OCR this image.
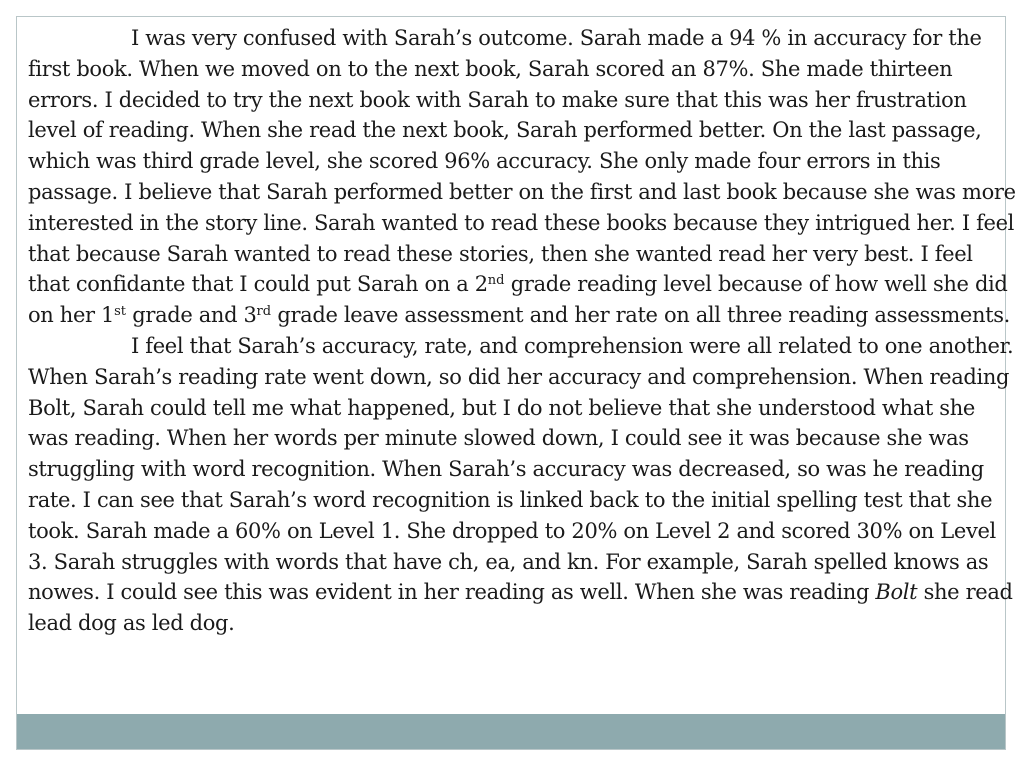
I was very confused with Sarah’s outcome. Sarah made a 94 % in accuracy for the first book. When we moved on to the next book, Sarah scored an 87%. She made thirteen errors. I decided to try the next book with Sarah to make sure that this was her frustration level of reading. When she read the next book, Sarah performed better. On the last passage, which was third grade level, she scored 96% accuracy. She only made four errors in this passage. I believe that Sarah performed better on the first and last book because she was more interested in the story line. Sarah wanted to read these books because they intrigued her. I feel that because Sarah wanted to read these stories, then she wanted read her very best. I feel that confidante that I could put Sarah on a 2nd grade reading level because of how well she did on her 1st grade and 3rd grade leave assessment and her rate on all three reading assessments.

I feel that Sarah’s accuracy, rate, and comprehension were all related to one another. When Sarah’s reading rate went down, so did her accuracy and comprehension. When reading Bolt, Sarah could tell me what happened, but I do not believe that she understood what she was reading. When her words per minute slowed down, I could see it was because she was struggling with word recognition. When Sarah’s accuracy was decreased, so was he reading rate. I can see that Sarah’s word recognition is linked back to the initial spelling test that she took. Sarah made a 60% on Level 1. She dropped to 20% on Level 2 and scored 30% on Level 3. Sarah struggles with words that have ch, ea, and kn. For example, Sarah spelled knows as nowes. I could see this was evident in her reading as well. When she was reading Bolt she read lead dog as led dog.
